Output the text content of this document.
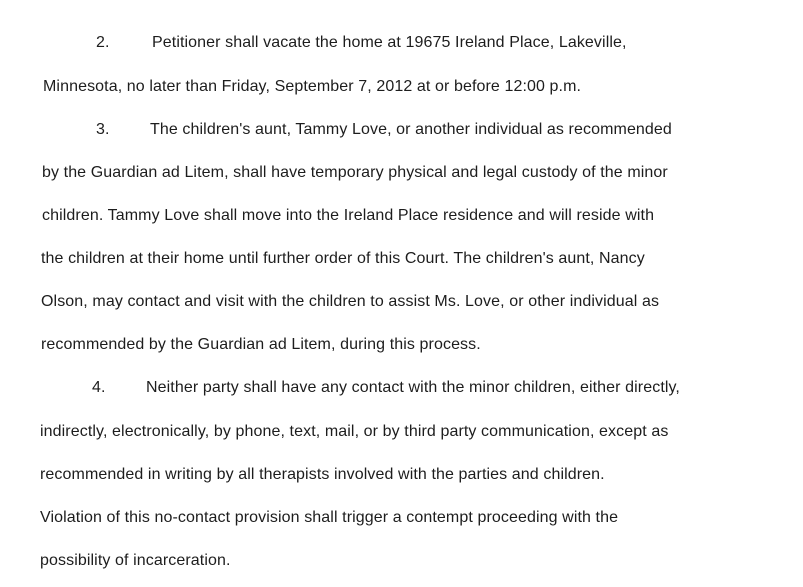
2.	Petitioner shall vacate the home at 19675 Ireland Place, Lakeville,
Minnesota, no later than Friday, September 7, 2012 at or before 12:00 p.m.
3.	The children's aunt, Tammy Love, or another individual as recommended
by the Guardian ad Litem, shall have temporary physical and legal custody of the minor
children. Tammy Love shall move into the Ireland Place residence and will reside with
the children at their home until further order of this Court. The children's aunt, Nancy
Olson, may contact and visit with the children to assist Ms. Love, or other individual as
recommended by the Guardian ad Litem, during this process.
4.	Neither party shall have any contact with the minor children, either directly,
indirectly, electronically, by phone, text, mail, or by third party communication, except as
recommended in writing by all therapists involved with the parties and children.
Violation of this no-contact provision shall trigger a contempt proceeding with the
possibility of incarceration.
